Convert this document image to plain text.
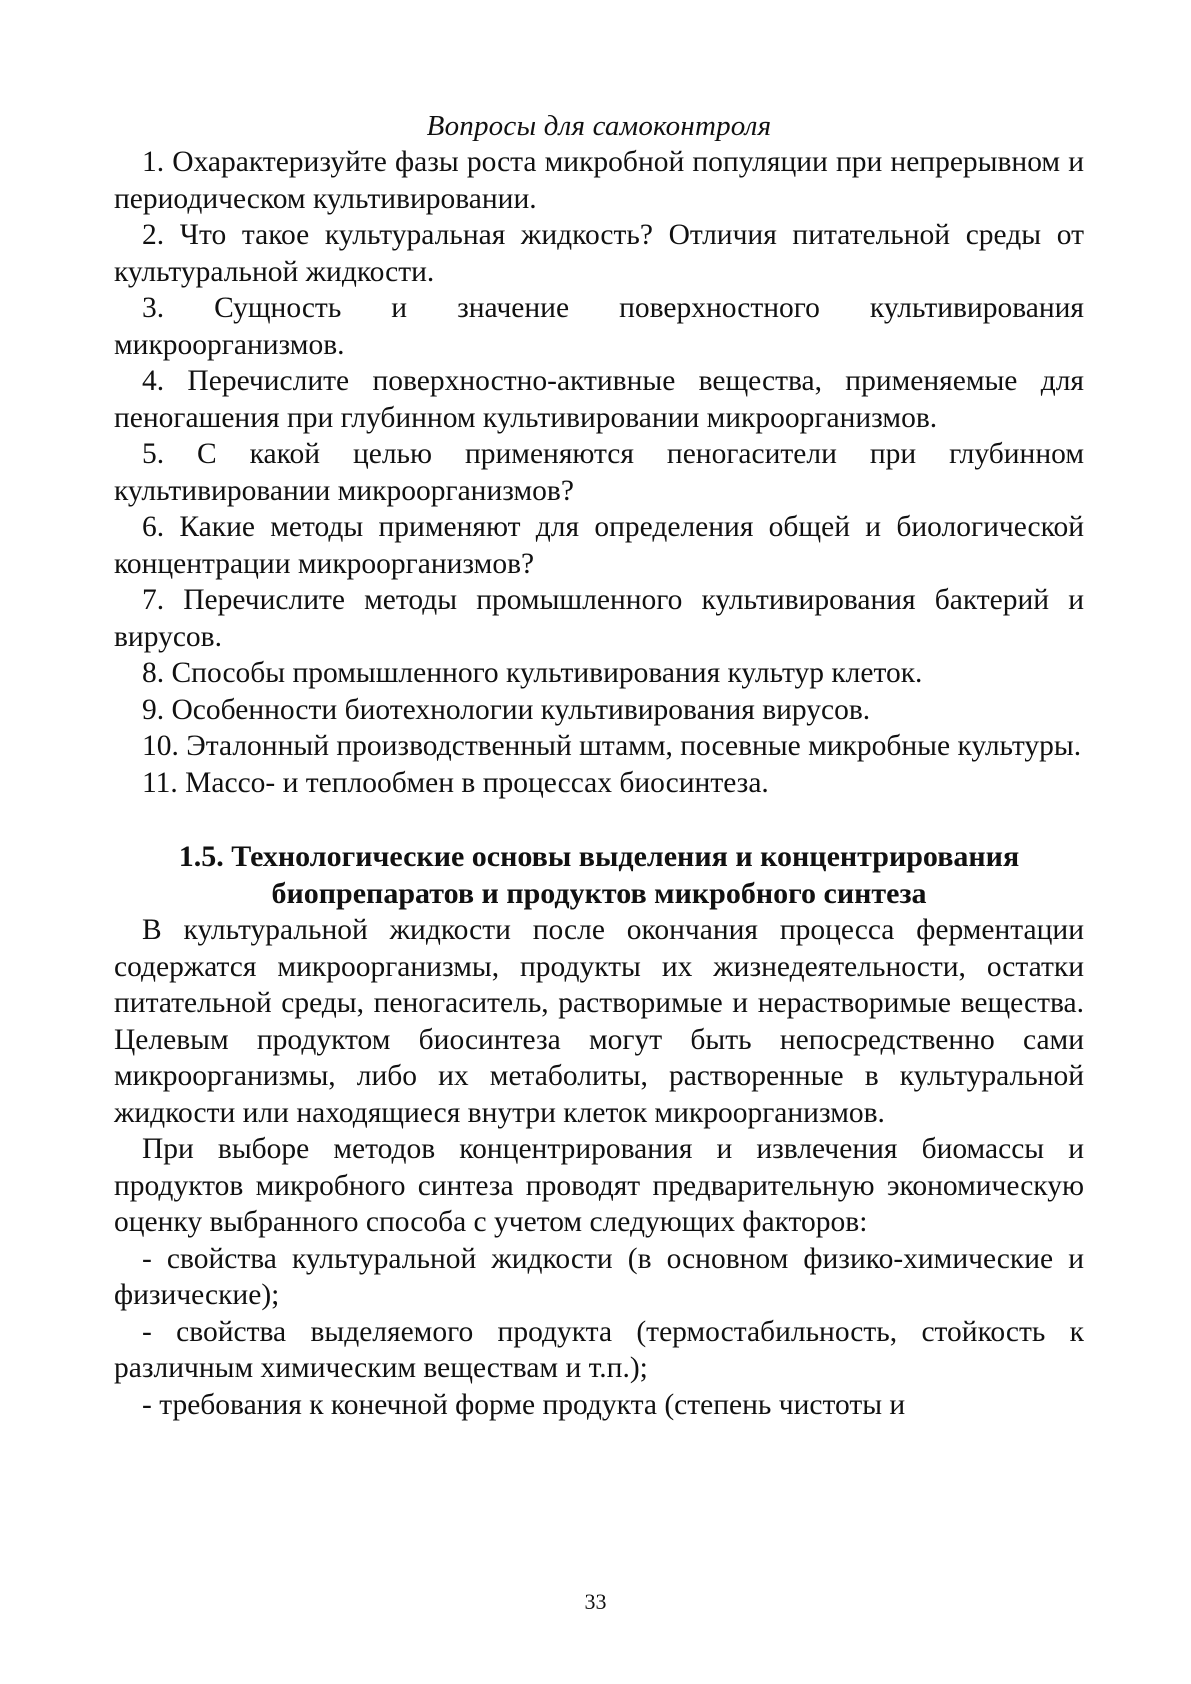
Вопросы для самоконтроля

1. Охарактеризуйте фазы роста микробной популяции при непрерывном и периодическом культивировании.

2. Что такое культуральная жидкость? Отличия питательной среды от культуральной жидкости.

3. Сущность и значение поверхностного культивирования микроорганизмов.

4. Перечислите поверхностно-активные вещества, применяемые для пеногашения при глубинном культивировании микроорганизмов.

5. С какой целью применяются пеногасители при глубинном культивировании микроорганизмов?

6. Какие методы применяют для определения общей и биологической концентрации микроорганизмов?

7. Перечислите методы промышленного культивирования бактерий и вирусов.

8. Способы промышленного культивирования культур клеток.

9. Особенности биотехнологии культивирования вирусов.

10. Эталонный производственный штамм, посевные микробные культуры.

11. Массо- и теплообмен в процессах биосинтеза.

1.5. Технологические основы выделения и концентрирования
биопрепаратов и продуктов микробного синтеза

В культуральной жидкости после окончания процесса ферментации содержатся микроорганизмы, продукты их жизнедеятельности, остатки питательной среды, пеногаситель, растворимые и нерастворимые вещества. Целевым продуктом биосинтеза могут быть непосредственно сами микроорганизмы, либо их метаболиты, растворенные в культуральной жидкости или находящиеся внутри клеток микроорганизмов.

При выборе методов концентрирования и извлечения биомассы и продуктов микробного синтеза проводят предварительную экономическую оценку выбранного способа с учетом следующих факторов:

- свойства культуральной жидкости (в основном физико-химические и физические);

- свойства выделяемого продукта (термостабильность, стойкость к различным химическим веществам и т.п.);

- требования к конечной форме продукта (степень чистоты и

33
